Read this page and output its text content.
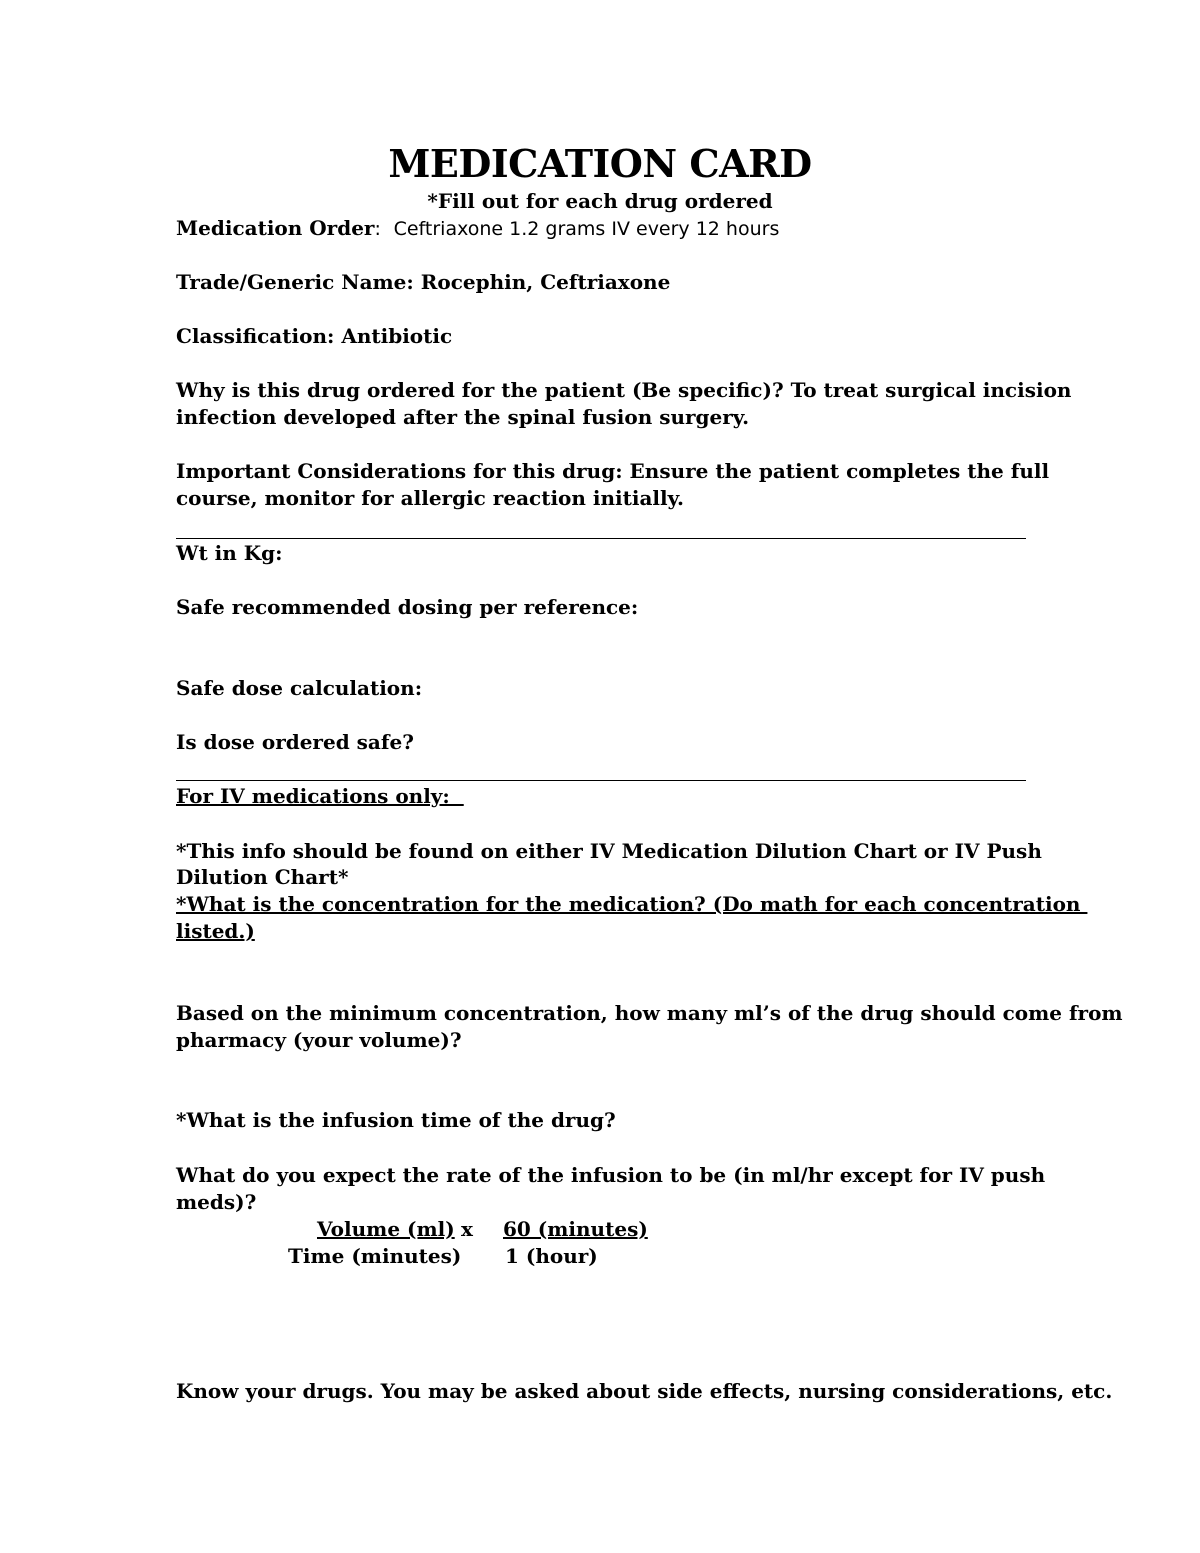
MEDICATION CARD
*Fill out for each drug ordered
Medication Order: Ceftriaxone 1.2 grams IV every 12 hours
Trade/Generic Name: Rocephin, Ceftriaxone
Classification: Antibiotic
Why is this drug ordered for the patient (Be specific)? To treat surgical incision
infection developed after the spinal fusion surgery.
Important Considerations for this drug: Ensure the patient completes the full
course, monitor for allergic reaction initially.
Wt in Kg:
Safe recommended dosing per reference:
Safe dose calculation:
Is dose ordered safe?
For IV medications only:
*This info should be found on either IV Medication Dilution Chart or IV Push
Dilution Chart*
*What is the concentration for the medication? (Do math for each concentration
listed.)
Based on the minimum concentration, how many ml’s of the drug should come from
pharmacy (your volume)?
*What is the infusion time of the drug?
What do you expect the rate of the infusion to be (in ml/hr except for IV push
meds)?
Volume (ml) x 60 (minutes)
Time (minutes) 1 (hour)
Know your drugs. You may be asked about side effects, nursing considerations, etc.
